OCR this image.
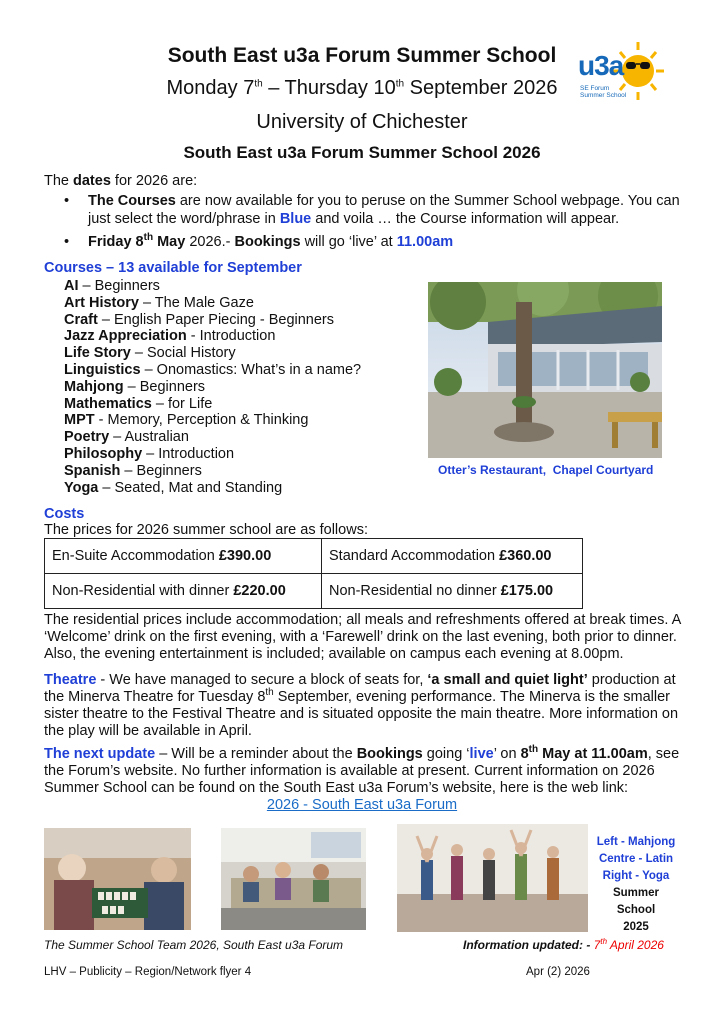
South East u3a Forum Summer School
Monday 7th – Thursday 10th September 2026
University of Chichester
South East u3a Forum Summer School 2026
u3a
SE Forum
Summer School
The dates for 2026 are:
• The Courses are now available for you to peruse on the Summer School webpage. You can just select the word/phrase in Blue and voila … the Course information will appear.
• Friday 8th May 2026.- Bookings will go ‘live’ at 11.00am
Courses – 13 available for September
AI – Beginners
Art History – The Male Gaze
Craft – English Paper Piecing - Beginners
Jazz Appreciation - Introduction
Life Story – Social History
Linguistics – Onomastics: What’s in a name?
Mahjong – Beginners
Mathematics – for Life
MPT - Memory, Perception & Thinking
Poetry – Australian
Philosophy – Introduction
Spanish – Beginners
Yoga – Seated, Mat and Standing
Otter’s Restaurant,  Chapel Courtyard
Costs
The prices for 2026 summer school are as follows:
En-Suite Accommodation £390.00	Standard Accommodation £360.00
Non-Residential with dinner £220.00	Non-Residential no dinner £175.00
The residential prices include accommodation; all meals and refreshments offered at break times. A ‘Welcome’ drink on the first evening, with a ‘Farewell’ drink on the last evening, both prior to dinner. Also, the evening entertainment is included; available on campus each evening at 8.00pm.
Theatre - We have managed to secure a block of seats for, ‘a small and quiet light’ production at the Minerva Theatre for Tuesday 8th September, evening performance. The Minerva is the smaller sister theatre to the Festival Theatre and is situated opposite the main theatre. More information on the play will be available in April.
The next update – Will be a reminder about the Bookings going ‘live’ on 8th May at 11.00am, see the Forum’s website. No further information is available at present. Current information on 2026 Summer School can be found on the South East u3a Forum’s website, here is the web link:
2026 - South East u3a Forum
Left - Mahjong
Centre - Latin
Right - Yoga
Summer
School
2025
The Summer School Team 2026, South East u3a Forum	Information updated: - 7th April 2026
LHV – Publicity – Region/Network flyer 4	Apr (2) 2026
